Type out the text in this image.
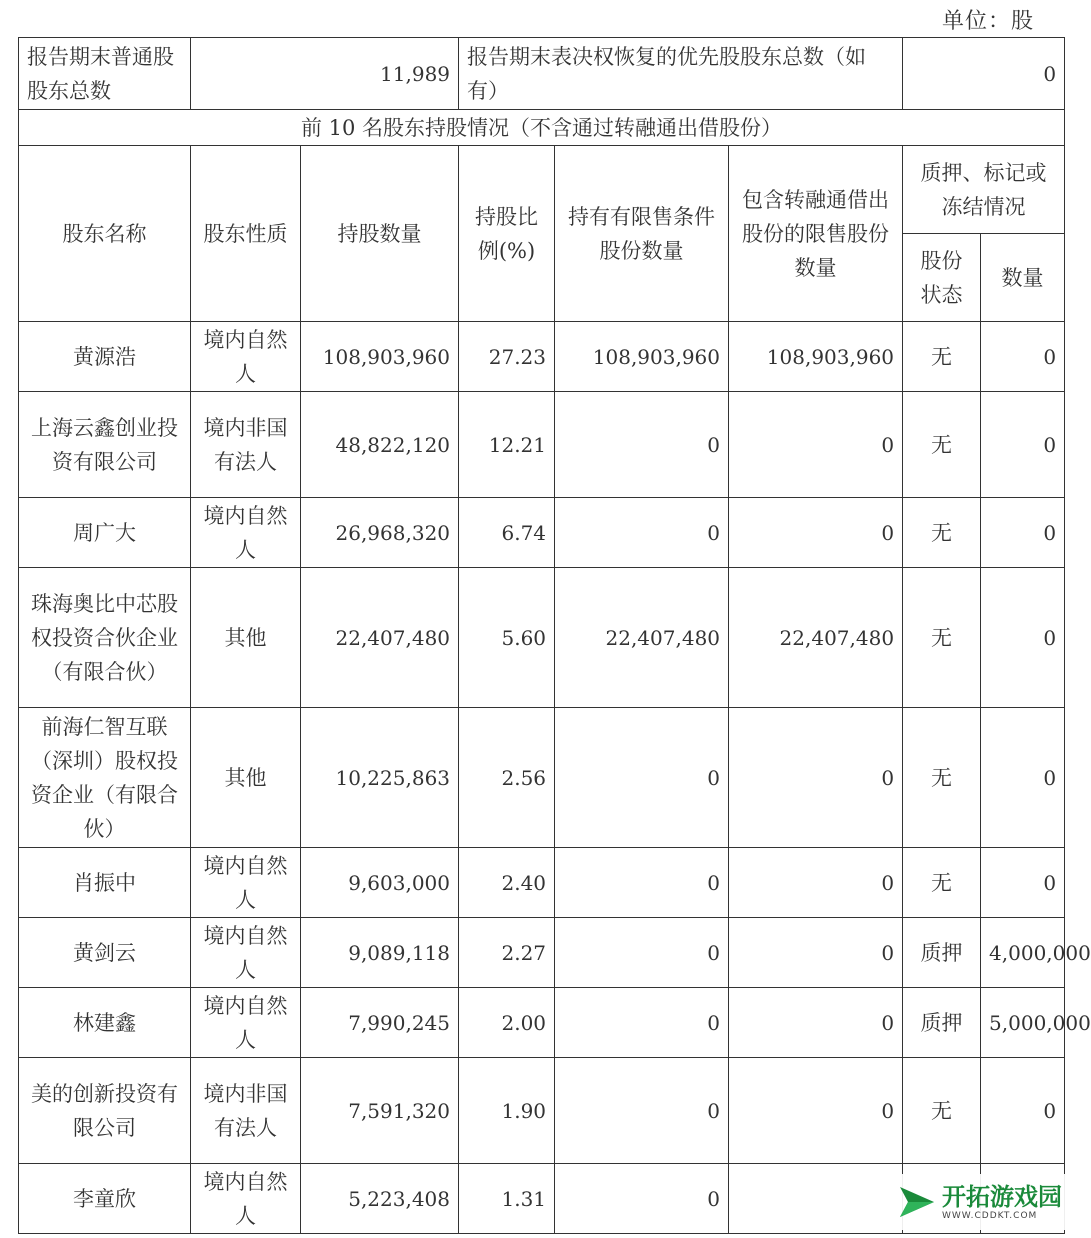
单位：股
报告期末普通股股东总数	11,989		报告期末表决权恢复的优先股股东总数（如有）			0	
前 10 名股东持股情况（不含通过转融通出借股份）							
股东名称	股东性质	持股数量	持股比例(%)	持有有限售条件股份数量	包含转融通借出股份的限售股份数量	质押、标记或冻结情况	
						股份状态	数量
黄源浩	境内自然人	108,903,960	27.23	108,903,960	108,903,960	无	0
上海云鑫创业投资有限公司	境内非国有法人	48,822,120	12.21	0	0	无	0
周广大	境内自然人	26,968,320	6.74	0	0	无	0
珠海奥比中芯股权投资合伙企业（有限合伙）	其他	22,407,480	5.60	22,407,480	22,407,480	无	0
前海仁智互联（深圳）股权投资企业（有限合伙）	其他	10,225,863	2.56	0	0	无	0
肖振中	境内自然人	9,603,000	2.40	0	0	无	0
黄剑云	境内自然人	9,089,118	2.27	0	0	质押	4,000,000
林建鑫	境内自然人	7,990,245	2.00	0	0	质押	5,000,000
美的创新投资有限公司	境内非国有法人	7,591,320	1.90	0	0	无	0
李童欣	境内自然人	5,223,408	1.31	0				开拓游戏园
WWW.CDDKT.COM
